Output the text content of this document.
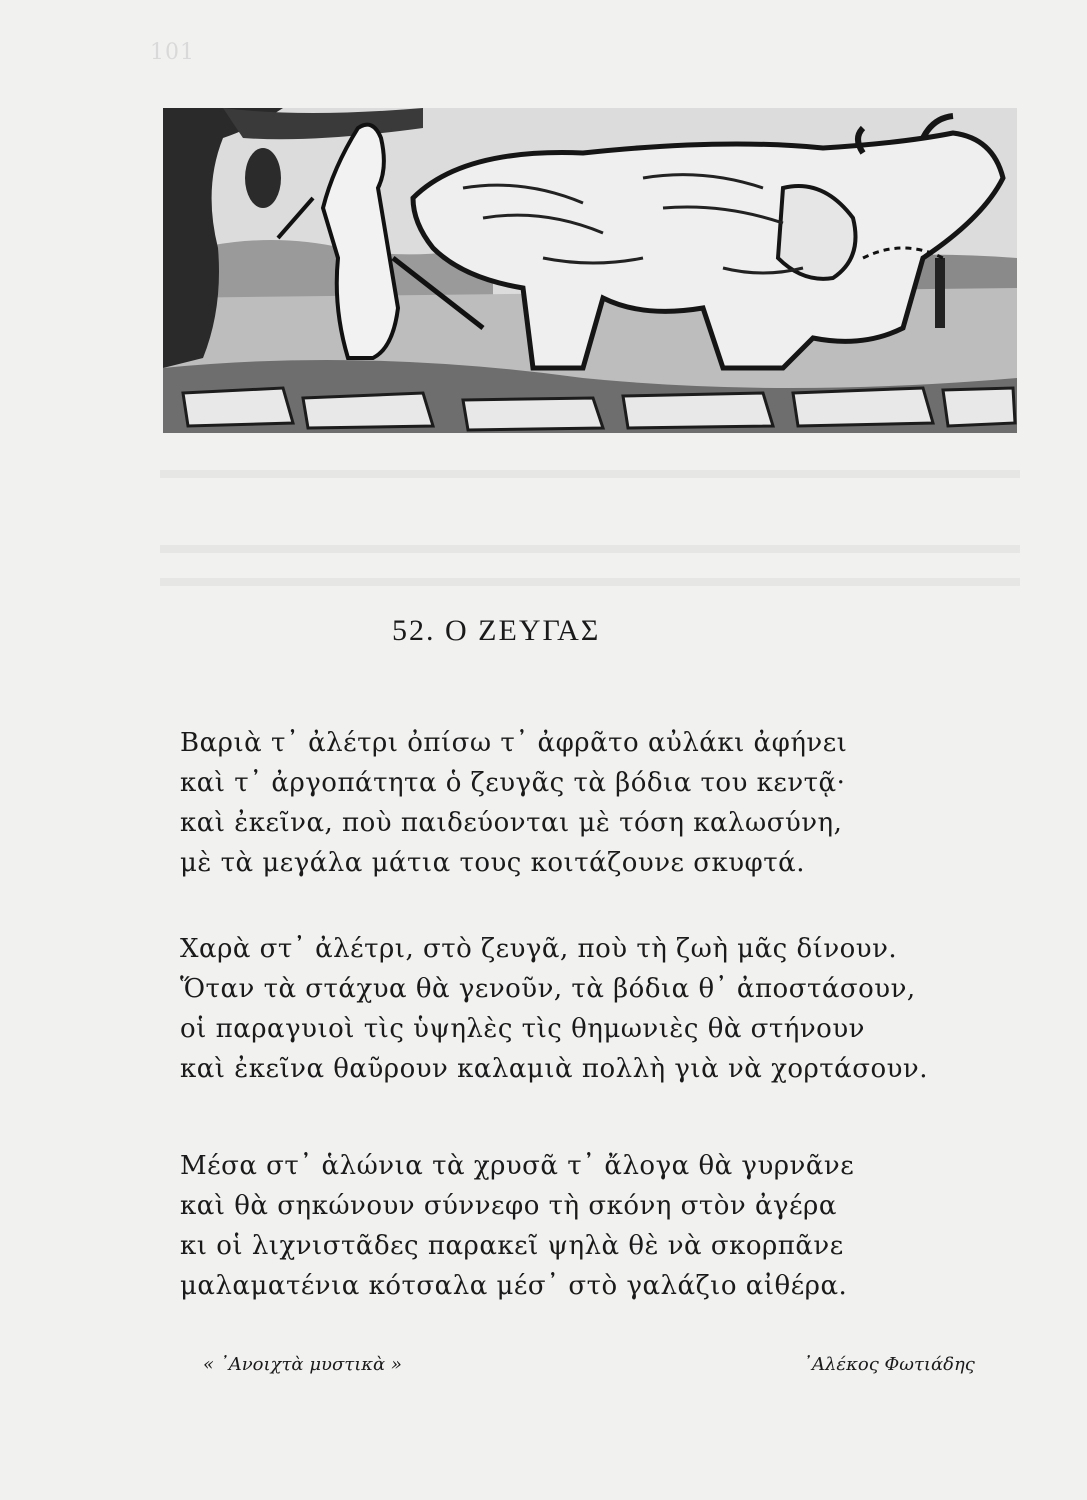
101
52. Ο ΖΕΥΓΑΣ
Βαριὰ τ᾿ ἀλέτρι ὀπίσω τ᾿ ἀφρᾶτο αὐλάκι ἀφήνει
καὶ τ᾿ ἀργοπάτητα ὁ ζευγᾶς τὰ βόδια του κεντᾷ·
καὶ ἐκεῖνα, ποὺ παιδεύονται μὲ τόση καλωσύνη,
μὲ τὰ μεγάλα μάτια τους κοιτάζουνε σκυφτά.
Χαρὰ στ᾿ ἀλέτρι, στὸ ζευγᾶ, ποὺ τὴ ζωὴ μᾶς δίνουν.
Ὅταν τὰ στάχυα θὰ γενοῦν, τὰ βόδια θ᾿ ἀποστάσουν,
οἱ παραγυιοὶ τὶς ὑψηλὲς τὶς θημωνιὲς θὰ στήνουν
καὶ ἐκεῖνα θαῦρουν καλαμιὰ πολλὴ γιὰ νὰ χορτάσουν.
Μέσα στ᾿ ἁλώνια τὰ χρυσᾶ τ᾿ ἄλογα θὰ γυρνᾶνε
καὶ θὰ σηκώνουν σύννεφο τὴ σκόνη στὸν ἀγέρα
κι οἱ λιχνιστᾶδες παρακεῖ ψηλὰ θὲ νὰ σκορπᾶνε
μαλαματένια κότσαλα μέσ᾿ στὸ γαλάζιο αἰθέρα.
« ᾿Ανοιχτὰ μυστικὰ »	᾿Αλέκος Φωτιάδης
